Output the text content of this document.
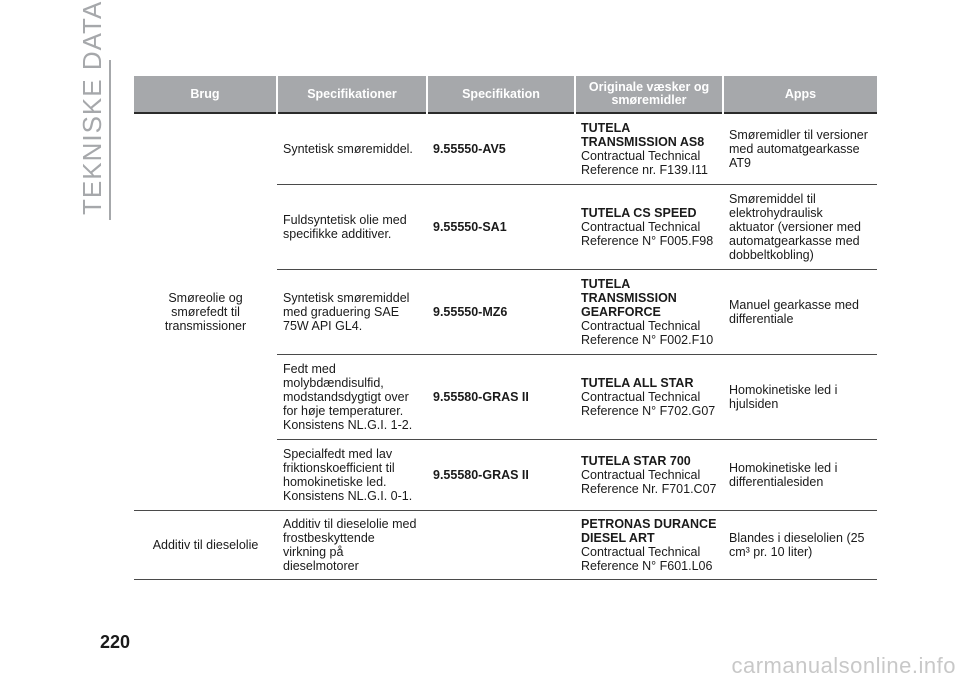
TEKNISKE DATA	Brug	Specifikationer	Specifikation	Originale væsker og smøremidler	Apps
Smøreolie og smørefedt til transmissioner	Syntetisk smøremiddel.	9.55550-AV5	TUTELA TRANSMISSION AS8
Contractual Technical Reference nr. F139.I11	Smøremidler til versioner med automatgearkasse AT9
	Fuldsyntetisk olie med specifikke additiver.	9.55550-SA1	TUTELA CS SPEED
Contractual Technical Reference N° F005.F98	Smøremiddel til elektrohydraulisk aktuator (versioner med automatgearkasse med dobbeltkobling)
	Syntetisk smøremiddel med graduering SAE 75W API GL4.	9.55550-MZ6	TUTELA TRANSMISSION GEARFORCE
Contractual Technical Reference N° F002.F10	Manuel gearkasse med differentiale
	Fedt med molybdændisulfid, modstandsdygtigt over for høje temperaturer. Konsistens NL.G.I. 1-2.	9.55580-GRAS II	TUTELA ALL STAR
Contractual Technical Reference N° F702.G07	Homokinetiske led i hjulsiden
	Specialfedt med lav friktionskoefficient til homokinetiske led. Konsistens NL.G.I. 0-1.	9.55580-GRAS II	TUTELA STAR 700
Contractual Technical Reference Nr. F701.C07	Homokinetiske led i differentialesiden
Additiv til dieselolie	Additiv til dieselolie med frostbeskyttende virkning på dieselmotorer		PETRONAS DURANCE DIESEL ART
Contractual Technical Reference N° F601.L06	Blandes i dieselolien (25 cm³ pr. 10 liter)
220
carmanualsonline.info
